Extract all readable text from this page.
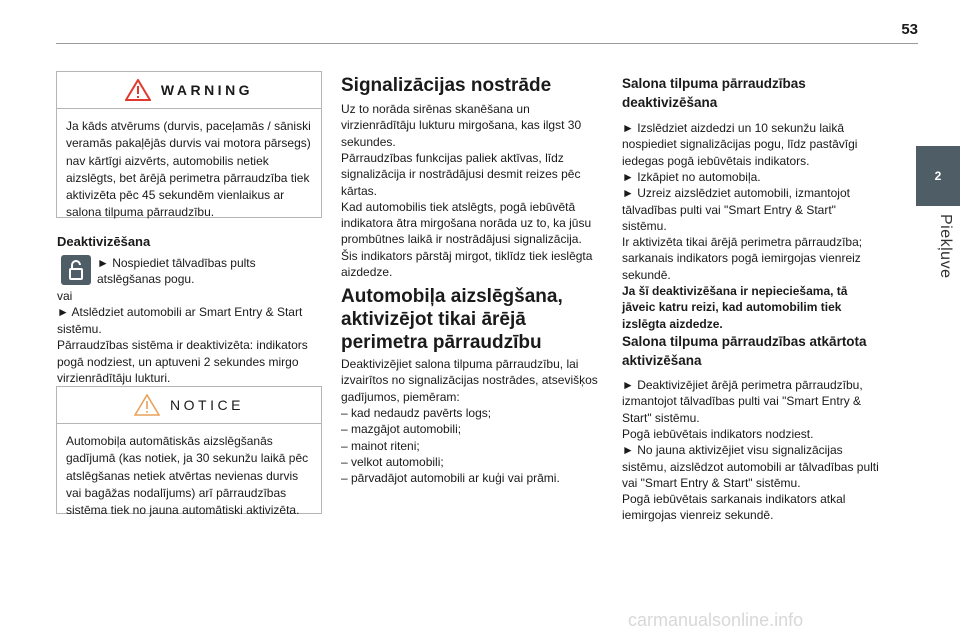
53
2
Piekļuve
WARNING
Ja kāds atvērums (durvis, paceļamās / sāniski veramās pakaļējās durvis vai motora pārsegs) nav kārtīgi aizvērts, automobilis netiek aizslēgts, bet ārējā perimetra pārraudzība tiek aktivizēta pēc 45 sekundēm vienlaikus ar salona tilpuma pārraudzību.
Deaktivizēšana
► Nospiediet tālvadības pults
atslēgšanas pogu.
vai
► Atslēdziet automobili ar Smart Entry & Start
sistēmu.
Pārraudzības sistēma ir deaktivizēta: indikators
pogā nodziest, un aptuveni 2 sekundes mirgo
virzienrādītāju lukturi.
NOTICE
Automobiļa automātiskās aizslēgšanās gadījumā (kas notiek, ja 30 sekunžu laikā pēc atslēgšanas netiek atvērtas nevienas durvis vai bagāžas nodalījums) arī pārraudzības sistēma tiek no jauna automātiski aktivizēta.
Signalizācijas nostrāde
Uz to norāda sirēnas skanēšana un
virzienrādītāju lukturu mirgošana, kas ilgst 30
sekundes.
Pārraudzības funkcijas paliek aktīvas, līdz
signalizācija ir nostrādājusi desmit reizes pēc
kārtas.
Kad automobilis tiek atslēgts, pogā iebūvētā
indikatora ātra mirgošana norāda uz to, ka jūsu
prombūtnes laikā ir nostrādājusi signalizācija.
Šis indikators pārstāj mirgot, tiklīdz tiek ieslēgta
aizdedze.
Automobiļa aizslēgšana,
aktivizējot tikai ārējā
perimetra pārraudzību
Deaktivizējiet salona tilpuma pārraudzību, lai
izvairītos no signalizācijas nostrādes, atsevišķos
gadījumos, piemēram:
– kad nedaudz pavērts logs;
– mazgājot automobili;
– mainot riteni;
– velkot automobili;
– pārvadājot automobili ar kuģi vai prāmi.
Salona tilpuma pārraudzības
deaktivizēšana
► Izslēdziet aizdedzi un 10 sekunžu laikā
nospiediet signalizācijas pogu, līdz pastāvīgi
iedegas pogā iebūvētais indikators.
► Izkāpiet no automobiļa.
► Uzreiz aizslēdziet automobili, izmantojot
tālvadības pulti vai "Smart Entry & Start"
sistēmu.
Ir aktivizēta tikai ārējā perimetra pārraudzība;
sarkanais indikators pogā iemirgojas vienreiz
sekundē.
Ja šī deaktivizēšana ir nepieciešama, tā
jāveic katru reizi, kad automobilim tiek
izslēgta aizdedze.
Salona tilpuma pārraudzības atkārtota
aktivizēšana
► Deaktivizējiet ārējā perimetra pārraudzību,
izmantojot tālvadības pulti vai "Smart Entry &
Start" sistēmu.
Pogā iebūvētais indikators nodziest.
► No jauna aktivizējiet visu signalizācijas
sistēmu, aizslēdzot automobili ar tālvadības pulti
vai "Smart Entry & Start" sistēmu.
Pogā iebūvētais sarkanais indikators atkal
iemirgojas vienreiz sekundē.
carmanualsonline.info
